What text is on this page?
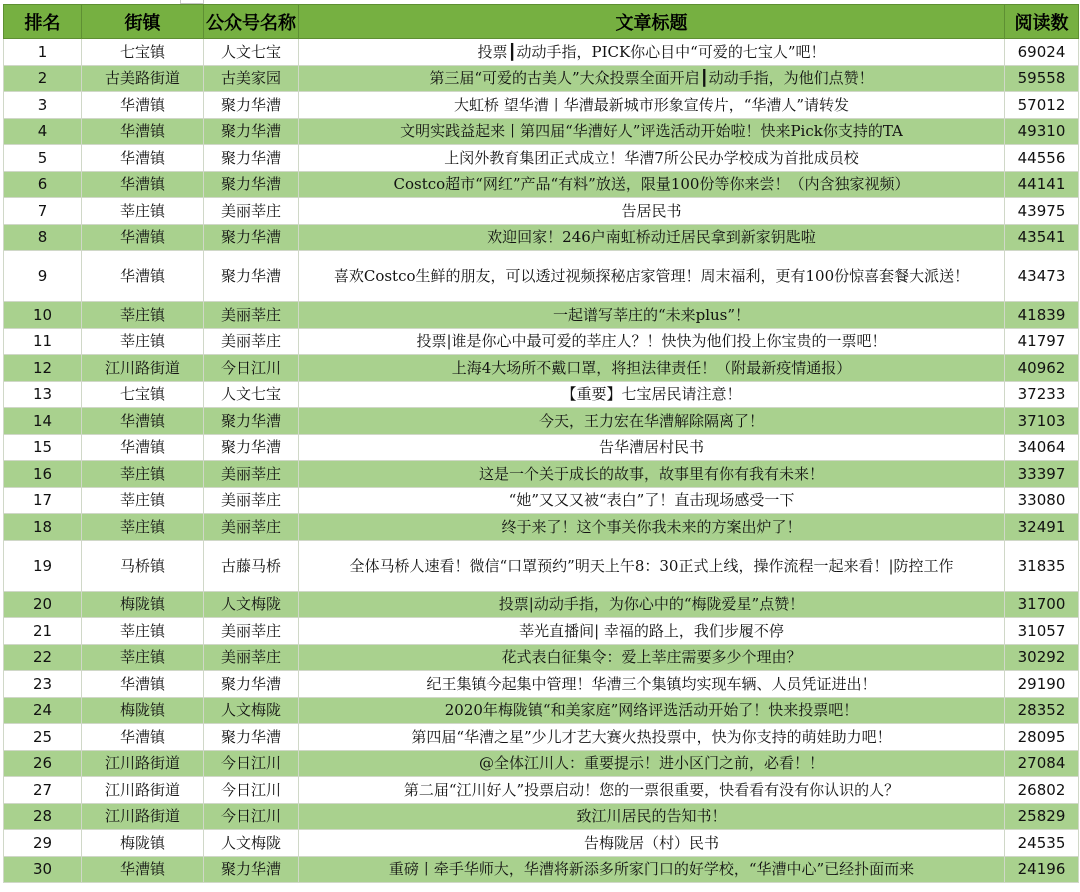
排名	街镇	公众号名称	文章标题	阅读数
1	七宝镇	人文七宝	投票┃动动手指，PICK你心目中“可爱的七宝人”吧！	69024
2	古美路街道	古美家园	第三届“可爱的古美人”大众投票全面开启┃动动手指，为他们点赞！	59558
3	华漕镇	聚力华漕	大虹桥 望华漕丨华漕最新城市形象宣传片，“华漕人”请转发	57012
4	华漕镇	聚力华漕	文明实践益起来丨第四届“华漕好人”评选活动开始啦！快来Pick你支持的TA	49310
5	华漕镇	聚力华漕	上闵外教育集团正式成立！华漕7所公民办学校成为首批成员校	44556
6	华漕镇	聚力华漕	Costco超市“网红”产品“有料”放送，限量100份等你来尝！（内含独家视频）	44141
7	莘庄镇	美丽莘庄	告居民书	43975
8	华漕镇	聚力华漕	欢迎回家！246户南虹桥动迁居民拿到新家钥匙啦	43541
9	华漕镇	聚力华漕	喜欢Costco生鲜的朋友，可以透过视频探秘店家管理！周末福利，更有100份惊喜套餐大派送！	43473
10	莘庄镇	美丽莘庄	一起谱写莘庄的“未来plus”！	41839
11	莘庄镇	美丽莘庄	投票|谁是你心中最可爱的莘庄人？！快快为他们投上你宝贵的一票吧！	41797
12	江川路街道	今日江川	上海4大场所不戴口罩，将担法律责任！（附最新疫情通报）	40962
13	七宝镇	人文七宝	【重要】七宝居民请注意！	37233
14	华漕镇	聚力华漕	今天，王力宏在华漕解除隔离了！	37103
15	华漕镇	聚力华漕	告华漕居村民书	34064
16	莘庄镇	美丽莘庄	这是一个关于成长的故事，故事里有你有我有未来！	33397
17	莘庄镇	美丽莘庄	“她”又又又被“表白”了！直击现场感受一下	33080
18	莘庄镇	美丽莘庄	终于来了！这个事关你我未来的方案出炉了！	32491
19	马桥镇	古藤马桥	全体马桥人速看！微信“口罩预约”明天上午8：30正式上线，操作流程一起来看！|防控工作	31835
20	梅陇镇	人文梅陇	投票|动动手指，为你心中的“梅陇爱星”点赞！	31700
21	莘庄镇	美丽莘庄	莘光直播间| 幸福的路上，我们步履不停	31057
22	莘庄镇	美丽莘庄	花式表白征集令：爱上莘庄需要多少个理由？	30292
23	华漕镇	聚力华漕	纪王集镇今起集中管理！华漕三个集镇均实现车辆、人员凭证进出！	29190
24	梅陇镇	人文梅陇	2020年梅陇镇“和美家庭”网络评选活动开始了！快来投票吧！	28352
25	华漕镇	聚力华漕	第四届“华漕之星”少儿才艺大赛火热投票中，快为你支持的萌娃助力吧！	28095
26	江川路街道	今日江川	@全体江川人：重要提示！进小区门之前，必看！！	27084
27	江川路街道	今日江川	第二届“江川好人”投票启动！您的一票很重要，快看看有没有你认识的人？	26802
28	江川路街道	今日江川	致江川居民的告知书！	25829
29	梅陇镇	人文梅陇	告梅陇居（村）民书	24535
30	华漕镇	聚力华漕	重磅丨牵手华师大，华漕将新添多所家门口的好学校，“华漕中心”已经扑面而来	24196
